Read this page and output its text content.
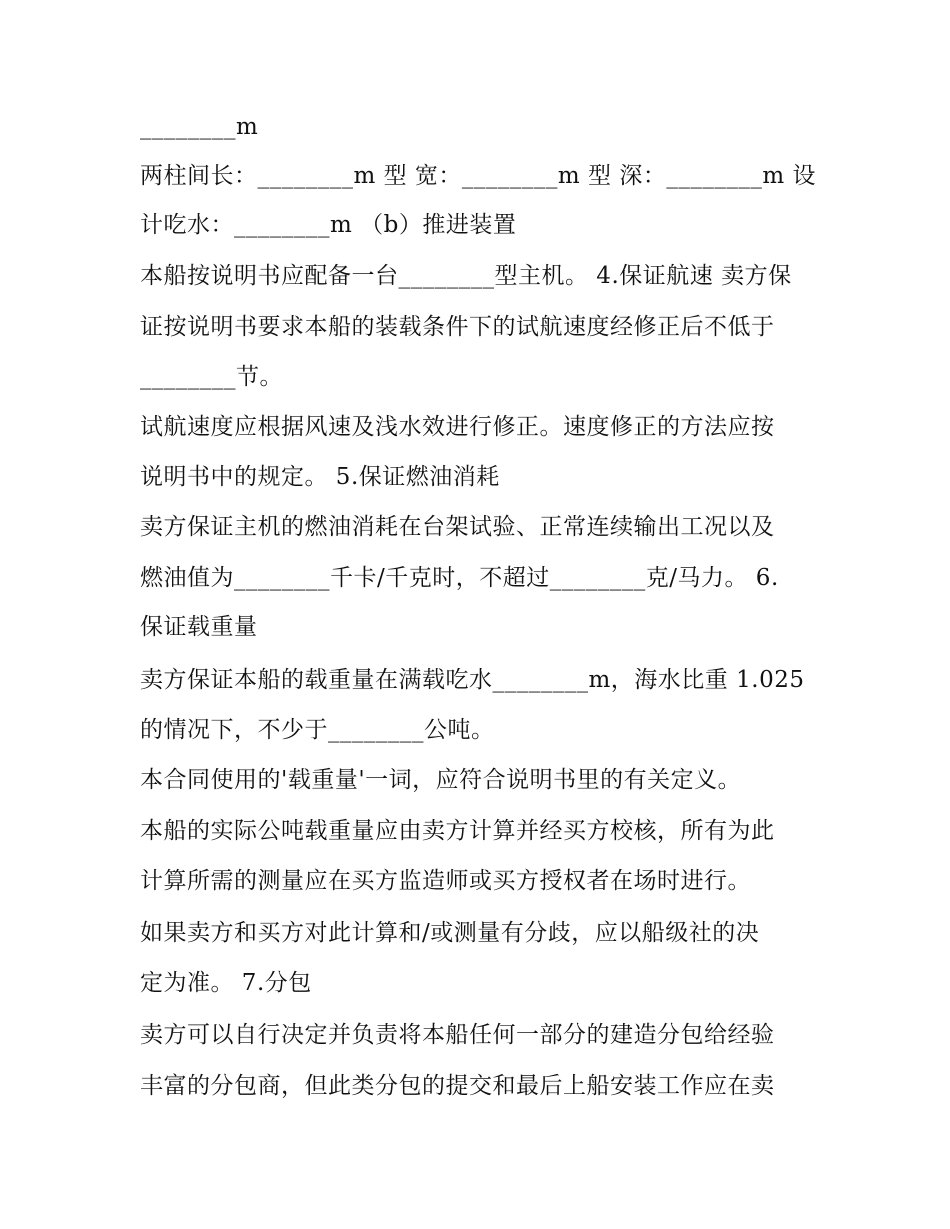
________m
两柱间长：________m 型 宽：________m 型 深：________m 设
计吃水：________m （b）推进装置
本船按说明书应配备一台________型主机。 4.保证航速 卖方保
证按说明书要求本船的装载条件下的试航速度经修正后不低于
________节。
试航速度应根据风速及浅水效进行修正。速度修正的方法应按
说明书中的规定。 5.保证燃油消耗
卖方保证主机的燃油消耗在台架试验、正常连续输出工况以及
燃油值为________千卡/千克时，不超过________克/马力。 6.
保证载重量
卖方保证本船的载重量在满载吃水________m，海水比重 1.025
的情况下，不少于________公吨。
本合同使用的'载重量'一词，应符合说明书里的有关定义。
本船的实际公吨载重量应由卖方计算并经买方校核，所有为此
计算所需的测量应在买方监造师或买方授权者在场时进行。
如果卖方和买方对此计算和/或测量有分歧，应以船级社的决
定为准。 7.分包
卖方可以自行决定并负责将本船任何一部分的建造分包给经验
丰富的分包商，但此类分包的提交和最后上船安装工作应在卖
